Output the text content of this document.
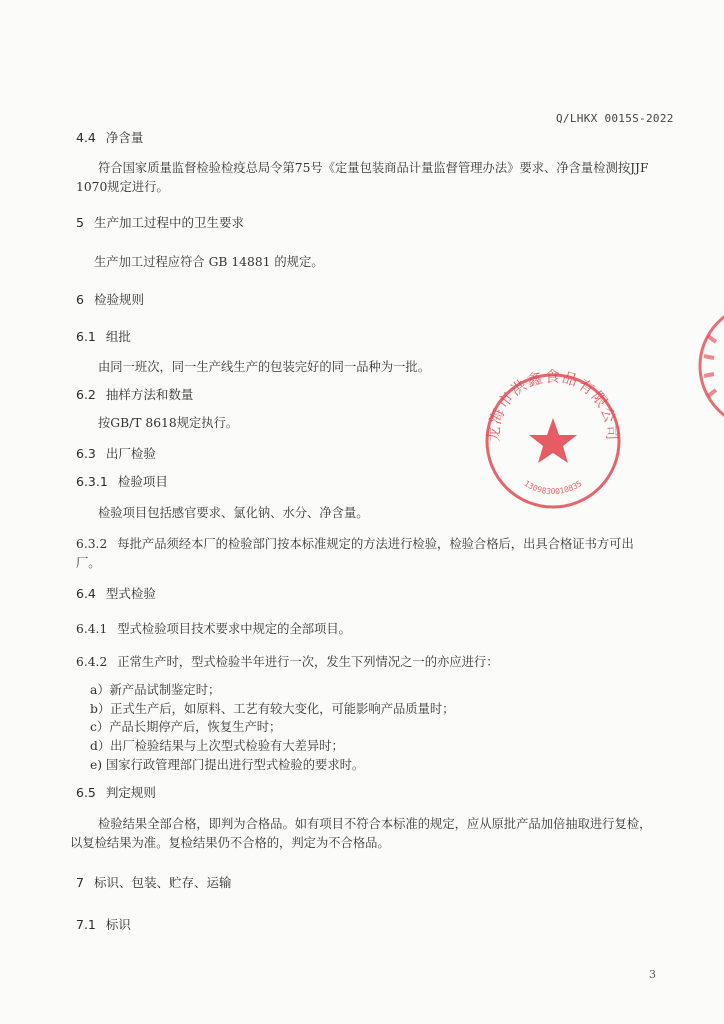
Q/LHKX 0015S-2022
4.4 净含量
符合国家质量监督检验检疫总局令第75号《定量包装商品计量监督管理办法》要求、净含量检测按JJF
1070规定进行。
5 生产加工过程中的卫生要求
生产加工过程应符合 GB 14881 的规定。
6 检验规则
6.1 组批
由同一班次，同一生产线生产的包装完好的同一品种为一批。
6.2 抽样方法和数量
按GB/T 8618规定执行。
6.3 出厂检验
6.3.1 检验项目
检验项目包括感官要求、氯化钠、水分、净含量。
6.3.2 每批产品须经本厂的检验部门按本标准规定的方法进行检验，检验合格后，出具合格证书方可出
厂。
6.4 型式检验
6.4.1 型式检验项目技术要求中规定的全部项目。
6.4.2 正常生产时，型式检验半年进行一次，发生下列情况之一的亦应进行：
a）新产品试制鉴定时；
b）正式生产后，如原料、工艺有较大变化，可能影响产品质量时；
c）产品长期停产后，恢复生产时；
d）出厂检验结果与上次型式检验有大差异时；
e) 国家行政管理部门提出进行型式检验的要求时。
6.5 判定规则
检验结果全部合格，即判为合格品。如有项目不符合本标准的规定，应从原批产品加倍抽取进行复检，
以复检结果为准。复检结果仍不合格的，判定为不合格品。
7 标识、包装、贮存、运输
7.1 标识
3
龙海市洪鑫食品有限公司
1309830010835
